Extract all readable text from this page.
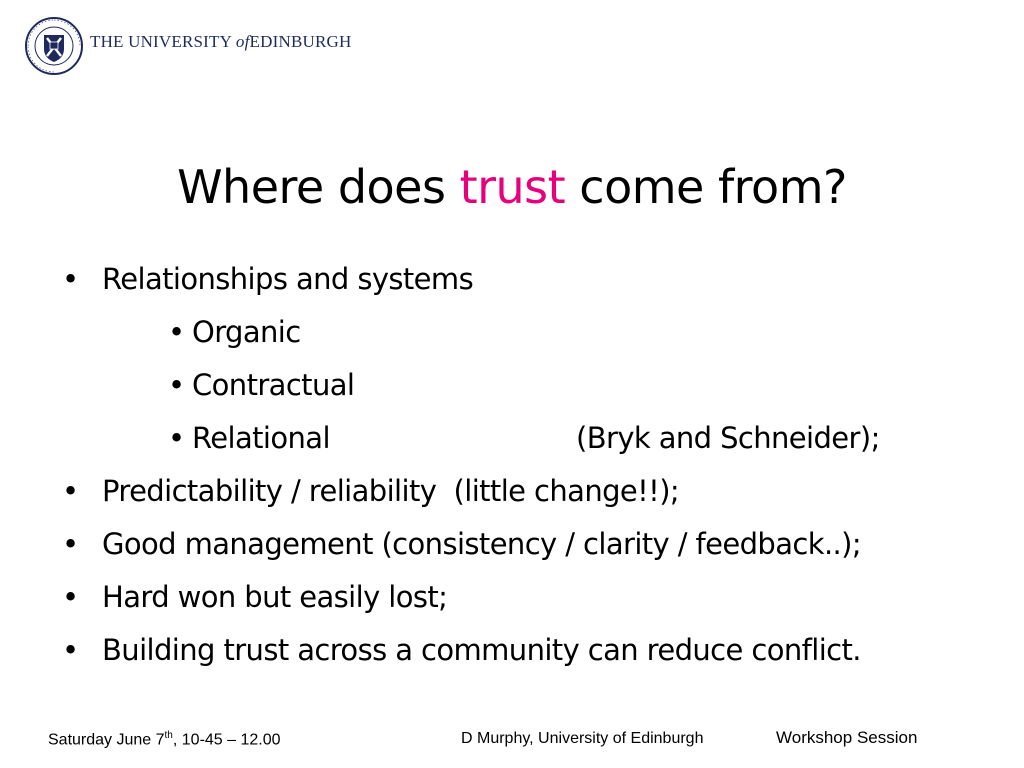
THE UNIVERSITY ofEDINBURGH
Where does trust come from?
• Relationships and systems
• Organic
• Contractual
• Relational	(Bryk and Schneider);
• Predictability / reliability  (little change!!);
• Good management (consistency / clarity / feedback..);
• Hard won but easily lost;
• Building trust across a community can reduce conflict.
Saturday June 7th, 10-45 – 12.00	D Murphy, University of Edinburgh	Workshop Session
